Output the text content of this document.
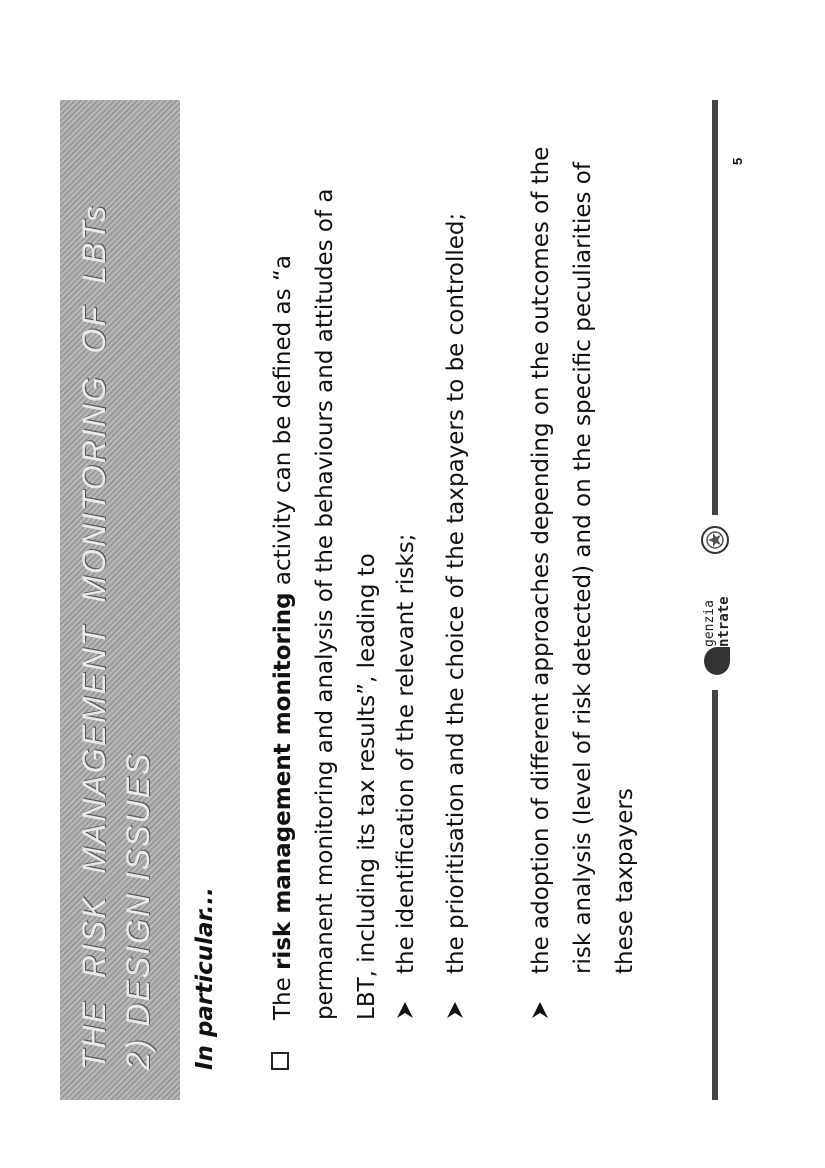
THE  RISK  MANAGEMENT  MONITORING  OF  LBTs 2) DESIGN ISSUES In particular...	The risk management monitoring activity can be defined as “a permanent monitoring and analysis of the behaviours and attitudes of a LBT, including its tax results”, leading to the identification of the relevant risks;	the prioritisation and the choice of the taxpayers to be controlled;	the adoption of different approaches depending on the outcomes of the risk analysis (level of risk detected) and on the specific peculiarities of these taxpayers
genzia ntrate
5
